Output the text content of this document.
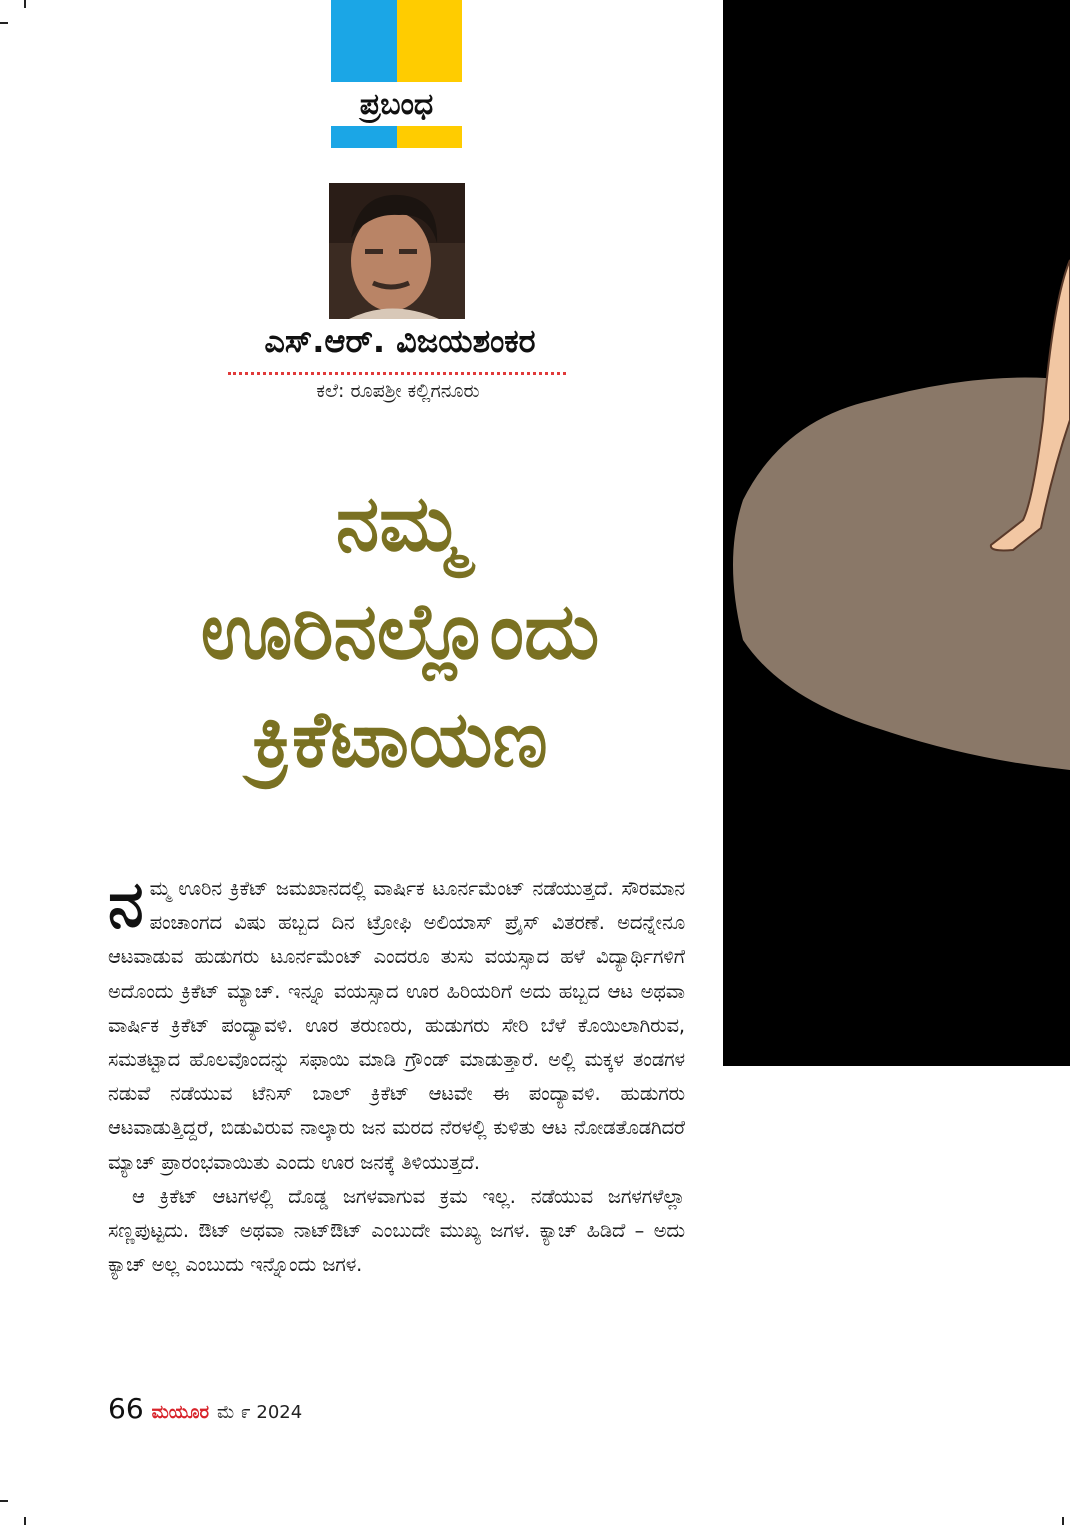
ಪ್ರಬಂಧ
ಎಸ್.ಆರ್. ವಿಜಯಶಂಕರ
ಕಲೆ: ರೂಪಶ್ರೀ ಕಲ್ಲಿಗನೂರು
ನಮ್ಮ
ಊರಿನಲ್ಲೊಂದು
ಕ್ರಿಕೆಟಾಯಣ

ನಮ್ಮ ಊರಿನ ಕ್ರಿಕೆಟ್ ಜಮಖಾನದಲ್ಲಿ ವಾರ್ಷಿಕ ಟೂರ್ನಮೆಂಟ್ ನಡೆಯುತ್ತದೆ. ಸೌರಮಾನ ಪಂಚಾಂಗದ ವಿಷು ಹಬ್ಬದ ದಿನ ಟ್ರೋಫಿ ಅಲಿಯಾಸ್ ಪ್ರೈಸ್ ವಿತರಣೆ. ಅದನ್ನೇನೂ ಆಟವಾಡುವ ಹುಡುಗರು ಟೂರ್ನಮೆಂಟ್ ಎಂದರೂ ತುಸು ವಯಸ್ಸಾದ ಹಳೆ ವಿದ್ಯಾರ್ಥಿಗಳಿಗೆ ಅದೊಂದು ಕ್ರಿಕೆಟ್ ಮ್ಯಾಚ್. ಇನ್ನೂ ವಯಸ್ಸಾದ ಊರ ಹಿರಿಯರಿಗೆ ಅದು ಹಬ್ಬದ ಆಟ ಅಥವಾ ವಾರ್ಷಿಕ ಕ್ರಿಕೆಟ್ ಪಂದ್ಯಾವಳಿ. ಊರ ತರುಣರು, ಹುಡುಗರು ಸೇರಿ ಬೆಳೆ ಕೊಯಿಲಾಗಿರುವ, ಸಮತಟ್ಟಾದ ಹೊಲವೊಂದನ್ನು ಸಫಾಯಿ ಮಾಡಿ ಗ್ರೌಂಡ್ ಮಾಡುತ್ತಾರೆ. ಅಲ್ಲಿ ಮಕ್ಕಳ ತಂಡಗಳ ನಡುವೆ ನಡೆಯುವ ಟೆನಿಸ್ ಬಾಲ್ ಕ್ರಿಕೆಟ್ ಆಟವೇ ಈ ಪಂದ್ಯಾವಳಿ. ಹುಡುಗರು ಆಟವಾಡುತ್ತಿದ್ದರೆ, ಬಿಡುವಿರುವ ನಾಲ್ಕಾರು ಜನ ಮರದ ನೆರಳಲ್ಲಿ ಕುಳಿತು ಆಟ ನೋಡತೊಡಗಿದರೆ ಮ್ಯಾಚ್ ಪ್ರಾರಂಭವಾಯಿತು ಎಂದು ಊರ ಜನಕ್ಕೆ ತಿಳಿಯುತ್ತದೆ.

ಆ ಕ್ರಿಕೆಟ್ ಆಟಗಳಲ್ಲಿ ದೊಡ್ಡ ಜಗಳವಾಗುವ ಕ್ರಮ ಇಲ್ಲ. ನಡೆಯುವ ಜಗಳಗಳೆಲ್ಲಾ ಸಣ್ಣಪುಟ್ಟದು. ಔಟ್ ಅಥವಾ ನಾಟ್‌ಔಟ್ ಎಂಬುದೇ ಮುಖ್ಯ ಜಗಳ. ಕ್ಯಾಚ್ ಹಿಡಿದೆ – ಅದು ಕ್ಯಾಚ್ ಅಲ್ಲ ಎಂಬುದು ಇನ್ನೊಂದು ಜಗಳ.

66 ಮಯೂರ ಮೆ ೯ 2024
